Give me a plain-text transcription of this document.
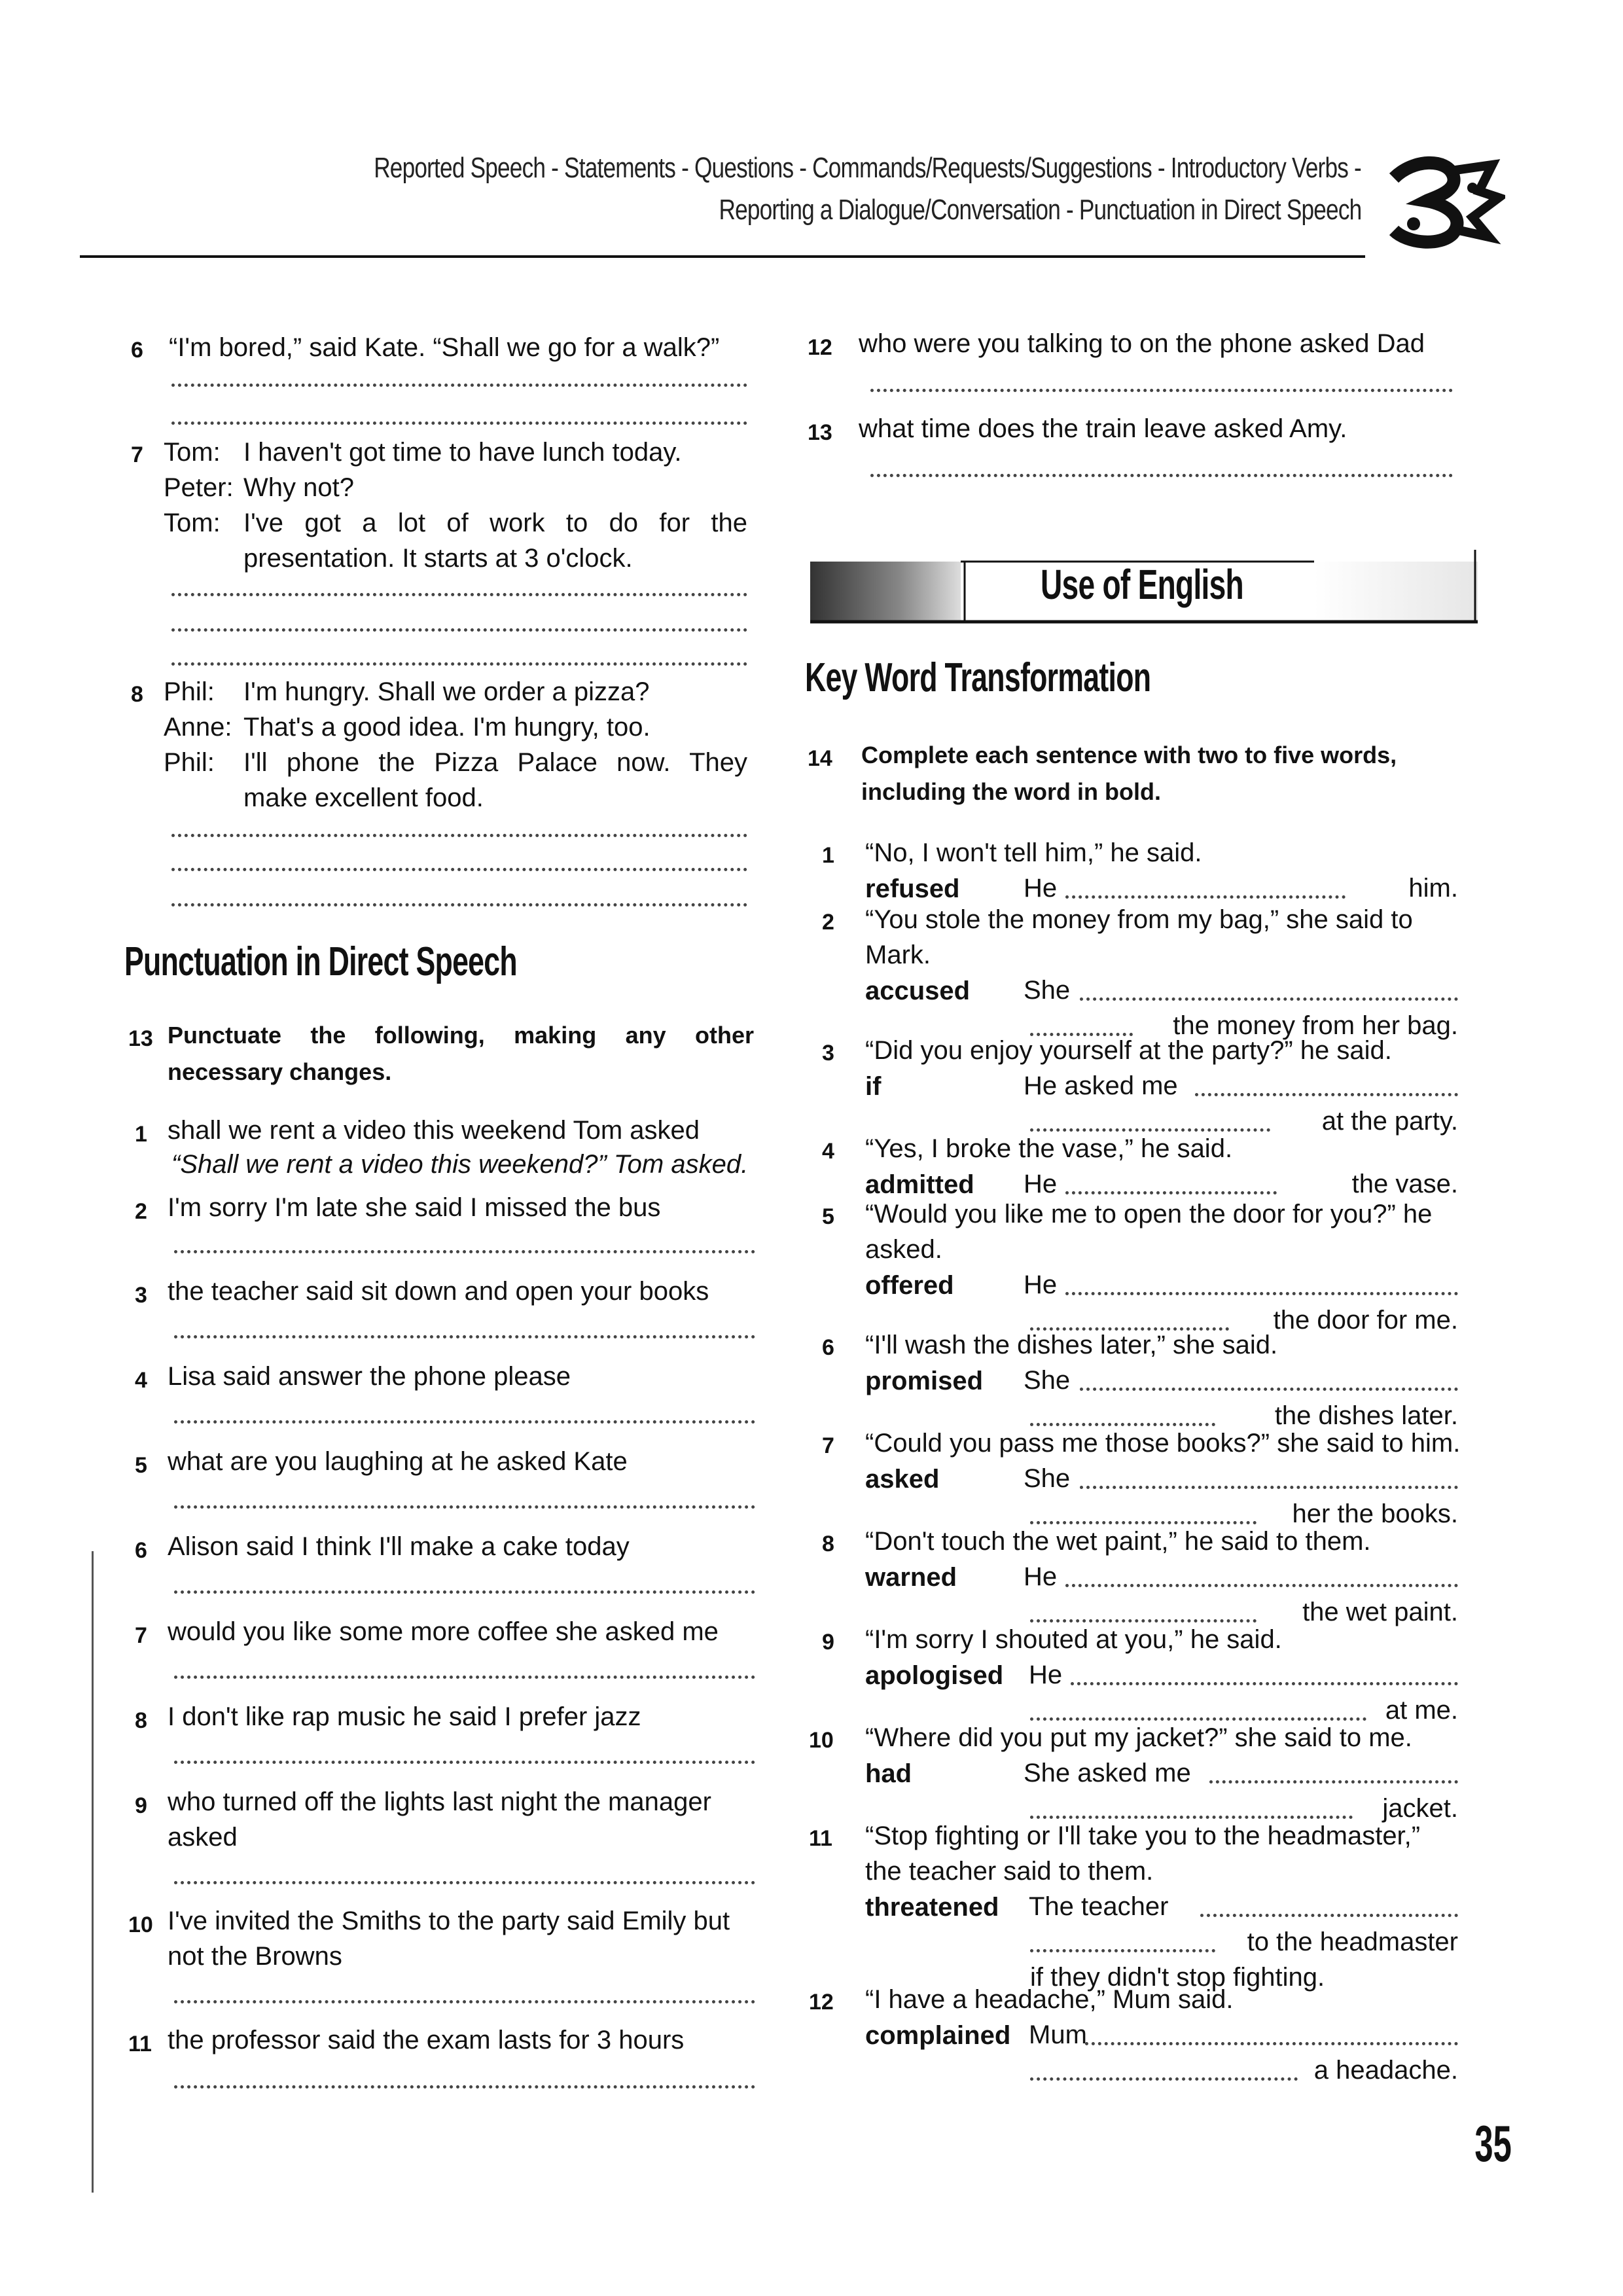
Reported Speech - Statements - Questions - Commands/Requests/Suggestions - Introductory Verbs -
Reporting a Dialogue/Conversation - Punctuation in Direct Speech
6 “I'm bored,” said Kate. “Shall we go for a walk?”
7 Tom: I haven't got time to have lunch today.
Peter: Why not?
Tom: I've got a lot of work to do for the
presentation. It starts at 3 o'clock.
8 Phil: I'm hungry. Shall we order a pizza?
Anne: That's a good idea. I'm hungry, too.
Phil: I'll phone the Pizza Palace now. They
make excellent food.
Punctuation in Direct Speech
13 Punctuate the following, making any other
necessary changes.
1 shall we rent a video this weekend Tom asked
“Shall we rent a video this weekend?” Tom asked.
2 I'm sorry I'm late she said I missed the bus
3 the teacher said sit down and open your books
4 Lisa said answer the phone please
5 what are you laughing at he asked Kate
6 Alison said I think I'll make a cake today
7 would you like some more coffee she asked me
8 I don't like rap music he said I prefer jazz
9 who turned off the lights last night the manager
asked
10 I've invited the Smiths to the party said Emily but
not the Browns
11 the professor said the exam lasts for 3 hours
12 who were you talking to on the phone asked Dad
13 what time does the train leave asked Amy.
Use of English
Key Word Transformation
14 Complete each sentence with two to five words,
including the word in bold.
1 “No, I won't tell him,” he said.
refused He	him.
2 “You stole the money from my bag,” she said to
Mark.
accused She
the money from her bag.
3 “Did you enjoy yourself at the party?” he said.
if	He asked me
at the party.
4 “Yes, I broke the vase,” he said.
admitted He	the vase.
5 “Would you like me to open the door for you?” he
asked.
offered	He
the door for me.
6 “I'll wash the dishes later,” she said.
promised She
the dishes later.
7 “Could you pass me those books?” she said to him.
asked	She
her the books.
8 “Don't touch the wet paint,” he said to them.
warned	He
the wet paint.
9 “I'm sorry I shouted at you,” he said.
apologised He
at me.
10 “Where did you put my jacket?” she said to me.
had	She asked me
jacket.
11 “Stop fighting or I'll take you to the headmaster,”
the teacher said to them.
threatened The teacher
to the headmaster
if they didn't stop fighting.
12 “I have a headache,” Mum said.
complained Mum
a headache.
35
